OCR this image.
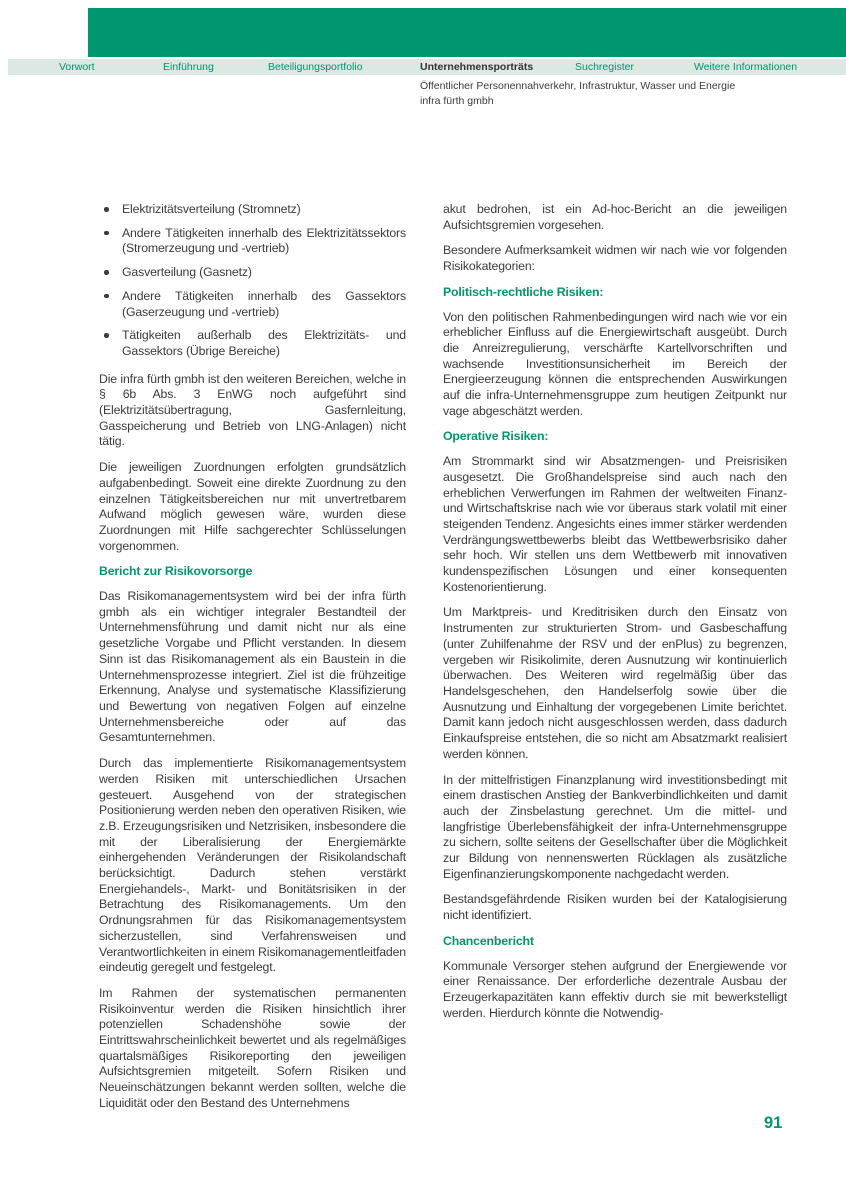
Vorwort	Einführung	Beteiligungsportfolio	Unternehmensporträts	Suchregister	Weitere Informationen
Öffentlicher Personennahverkehr, Infrastruktur, Wasser und Energie
infra fürth gmbh
Elektrizitätsverteilung (Stromnetz)
Andere Tätigkeiten innerhalb des Elektrizitätssektors (Stromerzeugung und -vertrieb)
Gasverteilung (Gasnetz)
Andere Tätigkeiten innerhalb des Gassektors (Gaserzeugung und -vertrieb)
Tätigkeiten außerhalb des Elektrizitäts- und Gassektors (Übrige Bereiche)

Die infra fürth gmbh ist den weiteren Bereichen, welche in § 6b Abs. 3 EnWG noch aufgeführt sind (Elektrizitätsübertragung, Gasfernleitung, Gasspeicherung und Betrieb von LNG-Anlagen) nicht tätig.

Die jeweiligen Zuordnungen erfolgten grundsätzlich aufgabenbedingt. Soweit eine direkte Zuordnung zu den einzelnen Tätigkeitsbereichen nur mit unvertretbarem Aufwand möglich gewesen wäre, wurden diese Zuordnungen mit Hilfe sachgerechter Schlüsselungen vorgenommen.

Bericht zur Risikovorsorge

Das Risikomanagementsystem wird bei der infra fürth gmbh als ein wichtiger integraler Bestandteil der Unternehmensführung und damit nicht nur als eine gesetzliche Vorgabe und Pflicht verstanden. In diesem Sinn ist das Risikomanagement als ein Baustein in die Unternehmensprozesse integriert. Ziel ist die frühzeitige Erkennung, Analyse und systematische Klassifizierung und Bewertung von negativen Folgen auf einzelne Unternehmensbereiche oder auf das Gesamtunternehmen.

Durch das implementierte Risikomanagementsystem werden Risiken mit unterschiedlichen Ursachen gesteuert. Ausgehend von der strategischen Positionierung werden neben den operativen Risiken, wie z.B. Erzeugungsrisiken und Netzrisiken, insbesondere die mit der Liberalisierung der Energiemärkte einhergehenden Veränderungen der Risikolandschaft berücksichtigt. Dadurch stehen verstärkt Energiehandels-, Markt- und Bonitätsrisiken in der Betrachtung des Risikomanagements. Um den Ordnungsrahmen für das Risikomanagementsystem sicherzustellen, sind Verfahrensweisen und Verantwortlichkeiten in einem Risikomanagementleitfaden eindeutig geregelt und festgelegt.

Im Rahmen der systematischen permanenten Risikoinventur werden die Risiken hinsichtlich ihrer potenziellen Schadenshöhe sowie der Eintrittswahrscheinlichkeit bewertet und als regelmäßiges quartalsmäßiges Risikoreporting den jeweiligen Aufsichtsgremien mitgeteilt. Sofern Risiken und Neueinschätzungen bekannt werden sollten, welche die Liquidität oder den Bestand des Unternehmens

akut bedrohen, ist ein Ad-hoc-Bericht an die jeweiligen Aufsichtsgremien vorgesehen.

Besondere Aufmerksamkeit widmen wir nach wie vor folgenden Risikokategorien:

Politisch-rechtliche Risiken:

Von den politischen Rahmenbedingungen wird nach wie vor ein erheblicher Einfluss auf die Energiewirtschaft ausgeübt. Durch die Anreizregulierung, verschärfte Kartellvorschriften und wachsende Investitionsunsicherheit im Bereich der Energieerzeugung können die entsprechenden Auswirkungen auf die infra-Unternehmensgruppe zum heutigen Zeitpunkt nur vage abgeschätzt werden.

Operative Risiken:

Am Strommarkt sind wir Absatzmengen- und Preisrisiken ausgesetzt. Die Großhandelspreise sind auch nach den erheblichen Verwerfungen im Rahmen der weltweiten Finanz- und Wirtschaftskrise nach wie vor überaus stark volatil mit einer steigenden Tendenz. Angesichts eines immer stärker werdenden Verdrängungswettbewerbs bleibt das Wettbewerbsrisiko daher sehr hoch. Wir stellen uns dem Wettbewerb mit innovativen kundenspezifischen Lösungen und einer konsequenten Kostenorientierung.

Um Marktpreis- und Kreditrisiken durch den Einsatz von Instrumenten zur strukturierten Strom- und Gasbeschaffung (unter Zuhilfenahme der RSV und der enPlus) zu begrenzen, vergeben wir Risikolimite, deren Ausnutzung wir kontinuierlich überwachen. Des Weiteren wird regelmäßig über das Handelsgeschehen, den Handelserfolg sowie über die Ausnutzung und Einhaltung der vorgegebenen Limite berichtet. Damit kann jedoch nicht ausgeschlossen werden, dass dadurch Einkaufspreise entstehen, die so nicht am Absatzmarkt realisiert werden können.

In der mittelfristigen Finanzplanung wird investitionsbedingt mit einem drastischen Anstieg der Bankverbindlichkeiten und damit auch der Zinsbelastung gerechnet. Um die mittel- und langfristige Überlebensfähigkeit der infra-Unternehmensgruppe zu sichern, sollte seitens der Gesellschafter über die Möglichkeit zur Bildung von nennenswerten Rücklagen als zusätzliche Eigenfinanzierungskomponente nachgedacht werden.

Bestandsgefährdende Risiken wurden bei der Katalogisierung nicht identifiziert.

Chancenbericht

Kommunale Versorger stehen aufgrund der Energiewende vor einer Renaissance. Der erforderliche dezentrale Ausbau der Erzeugerkapazitäten kann effektiv durch sie mit bewerkstelligt werden. Hierdurch könnte die Notwendig-

91
